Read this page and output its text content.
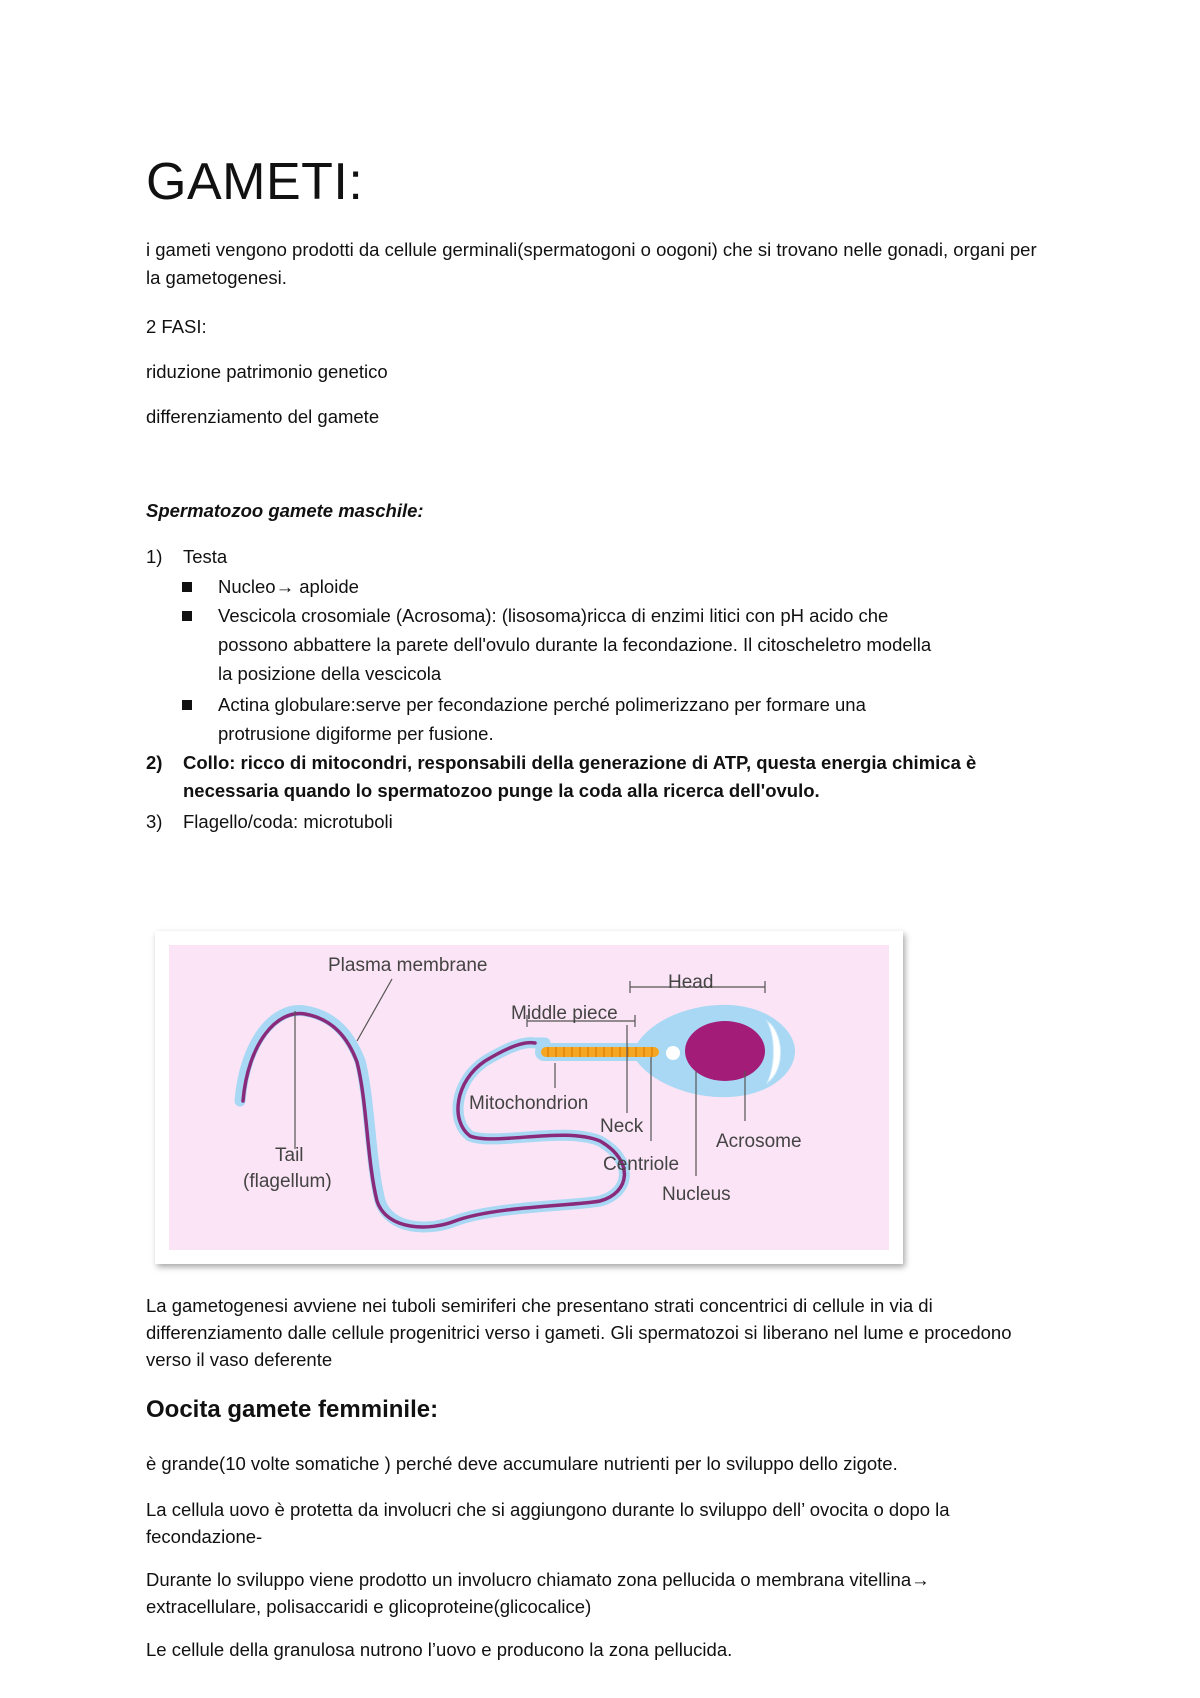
GAMETI:
i gameti vengono prodotti da cellule germinali(spermatogoni o oogoni) che si trovano nelle gonadi, organi per la gametogenesi.
2 FASI:
riduzione patrimonio genetico
differenziamento del gamete
Spermatozoo gamete maschile:
1) Testa
Nucleo→ aploide
Vescicola crosomiale (Acrosoma): (lisosoma)ricca di enzimi litici con pH acido che possono abbattere la parete dell'ovulo durante la fecondazione. Il citoscheletro modella la posizione della vescicola
Actina globulare:serve per fecondazione perché polimerizzano per formare una protrusione digiforme per fusione.
2) Collo: ricco di mitocondri, responsabili della generazione di ATP, questa energia chimica è necessaria quando lo spermatozoo punge la coda alla ricerca dell'ovulo.
3) Flagello/coda: microtuboli
Plasma membrane
Head
Middle piece
Mitochondrion
Neck
Acrosome
Centriole
Nucleus
Tail
(flagellum)
La gametogenesi avviene nei tuboli semiriferi che presentano strati concentrici di cellule in via di differenziamento dalle cellule progenitrici verso i gameti. Gli spermatozoi si liberano nel lume e procedono verso il vaso deferente
Oocita gamete femminile:
è grande(10 volte somatiche ) perché deve accumulare nutrienti per lo sviluppo dello zigote.
La cellula uovo è protetta da involucri che si aggiungono durante lo sviluppo dell’ ovocita o dopo la fecondazione-
Durante lo sviluppo viene prodotto un involucro chiamato zona pellucida o membrana vitellina→ extracellulare, polisaccaridi e glicoproteine(glicocalice)
Le cellule della granulosa nutrono l’uovo e producono la zona pellucida.
